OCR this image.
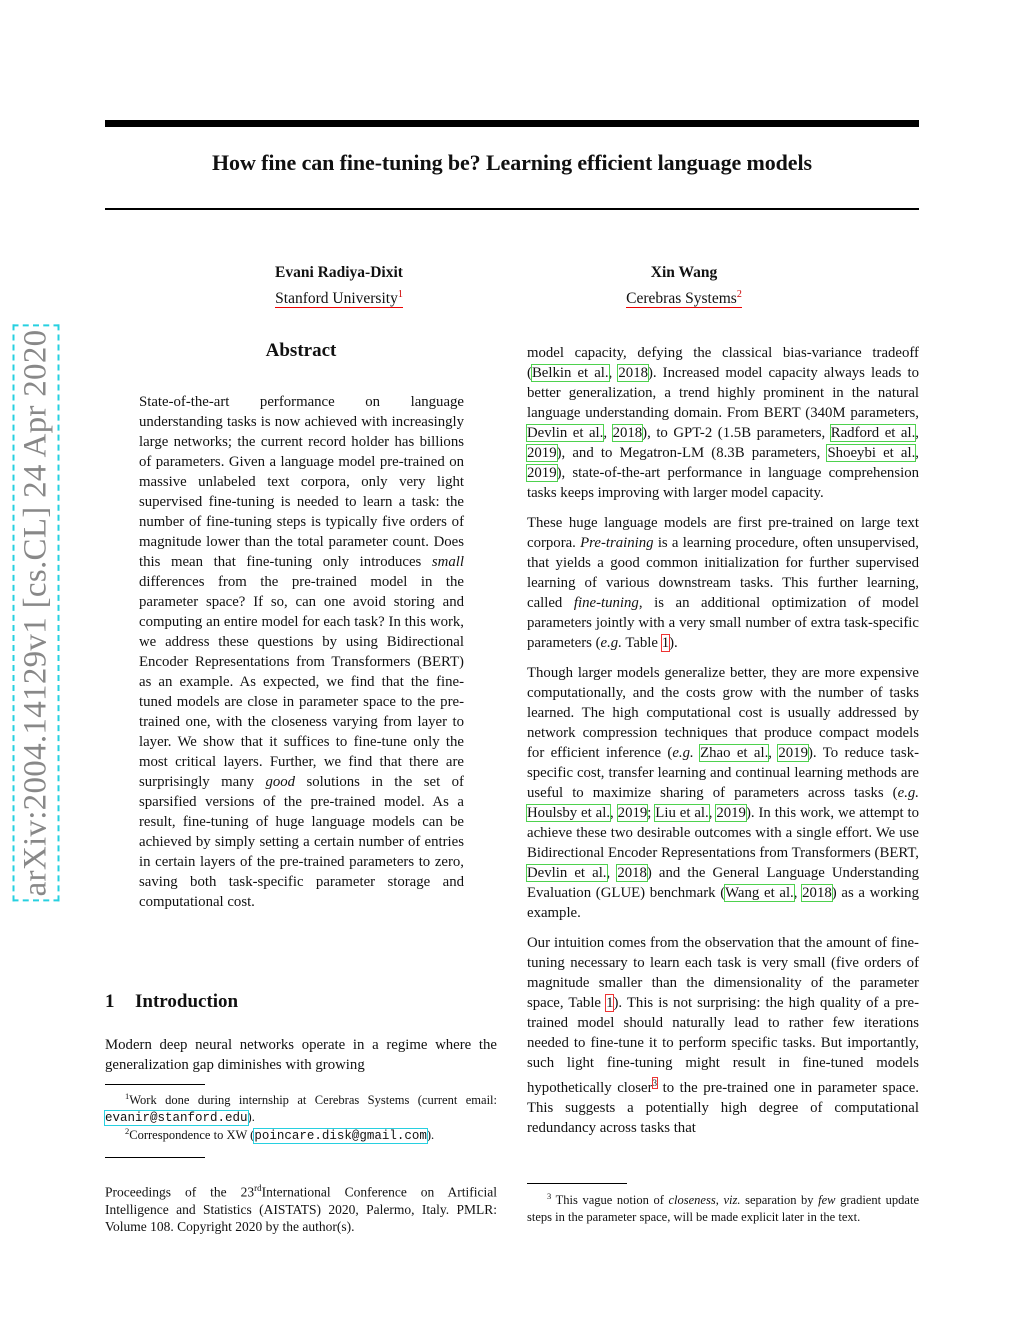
How fine can fine-tuning be? Learning efficient language models
Evani Radiya-Dixit
Stanford University$^1$
Xin Wang
Cerebras Systems$^2$
arXiv:2004.14129v1 [cs.CL] 24 Apr 2020	Abstract
State-of-the-art performance on language understanding tasks is now achieved with increasingly large networks; the current record holder has billions of parameters. Given a language model pre-trained on massive unlabeled text corpora, only very light supervised fine-tuning is needed to learn a task: the number of fine-tuning steps is typically five orders of magnitude lower than the total parameter count. Does this mean that fine-tuning only introduces small differences from the pre-trained model in the parameter space? If so, can one avoid storing and computing an entire model for each task? In this work, we address these questions by using Bidirectional Encoder Representations from Transformers (BERT) as an example. As expected, we find that the fine-tuned models are close in parameter space to the pre-trained one, with the closeness varying from layer to layer. We show that it suffices to fine-tune only the most critical layers. Further, we find that there are surprisingly many good solutions in the set of sparsified versions of the pre-trained model. As a result, fine-tuning of huge language models can be achieved by simply setting a certain number of entries in certain layers of the pre-trained parameters to zero, saving both task-specific parameter storage and computational cost.
1 Introduction
Modern deep neural networks operate in a regime where the generalization gap diminishes with growing
$^1$Work done during internship at Cerebras Systems (current email: evanir@stanford.edu).
$^2$Correspondence to XW (poincare.disk@gmail.com).
Proceedings of the 23rdInternational Conference on Artificial Intelligence and Statistics (AISTATS) 2020, Palermo, Italy. PMLR: Volume 108. Copyright 2020 by the author(s).

model capacity, defying the classical bias-variance tradeoff (Belkin et al., 2018). Increased model capacity always leads to better generalization, a trend highly prominent in the natural language understanding domain. From BERT (340M parameters, Devlin et al., 2018), to GPT-2 (1.5B parameters, Radford et al., 2019), and to Megatron-LM (8.3B parameters, Shoeybi et al., 2019), state-of-the-art performance in language comprehension tasks keeps improving with larger model capacity.

These huge language models are first pre-trained on large text corpora. Pre-training is a learning procedure, often unsupervised, that yields a good common initialization for further supervised learning of various downstream tasks. This further learning, called fine-tuning, is an additional optimization of model parameters jointly with a very small number of extra task-specific parameters (e.g. Table 1).

Though larger models generalize better, they are more expensive computationally, and the costs grow with the number of tasks learned. The high computational cost is usually addressed by network compression techniques that produce compact models for efficient inference (e.g. Zhao et al., 2019). To reduce task-specific cost, transfer learning and continual learning methods are useful to maximize sharing of parameters across tasks (e.g. Houlsby et al., 2019; Liu et al., 2019). In this work, we attempt to achieve these two desirable outcomes with a single effort. We use Bidirectional Encoder Representations from Transformers (BERT, Devlin et al., 2018) and the General Language Understanding Evaluation (GLUE) benchmark (Wang et al., 2018) as a working example.

Our intuition comes from the observation that the amount of fine-tuning necessary to learn each task is very small (five orders of magnitude smaller than the dimensionality of the parameter space, Table 1). This is not surprising: the high quality of a pre-trained model should naturally lead to rather few iterations needed to fine-tune it to perform specific tasks. But importantly, such light fine-tuning might result in fine-tuned models hypothetically closer$^3$ to the pre-trained one in parameter space. This suggests a potentially high degree of computational redundancy across tasks that

$^3$ This vague notion of closeness, viz. separation by few gradient update steps in the parameter space, will be made explicit later in the text.
